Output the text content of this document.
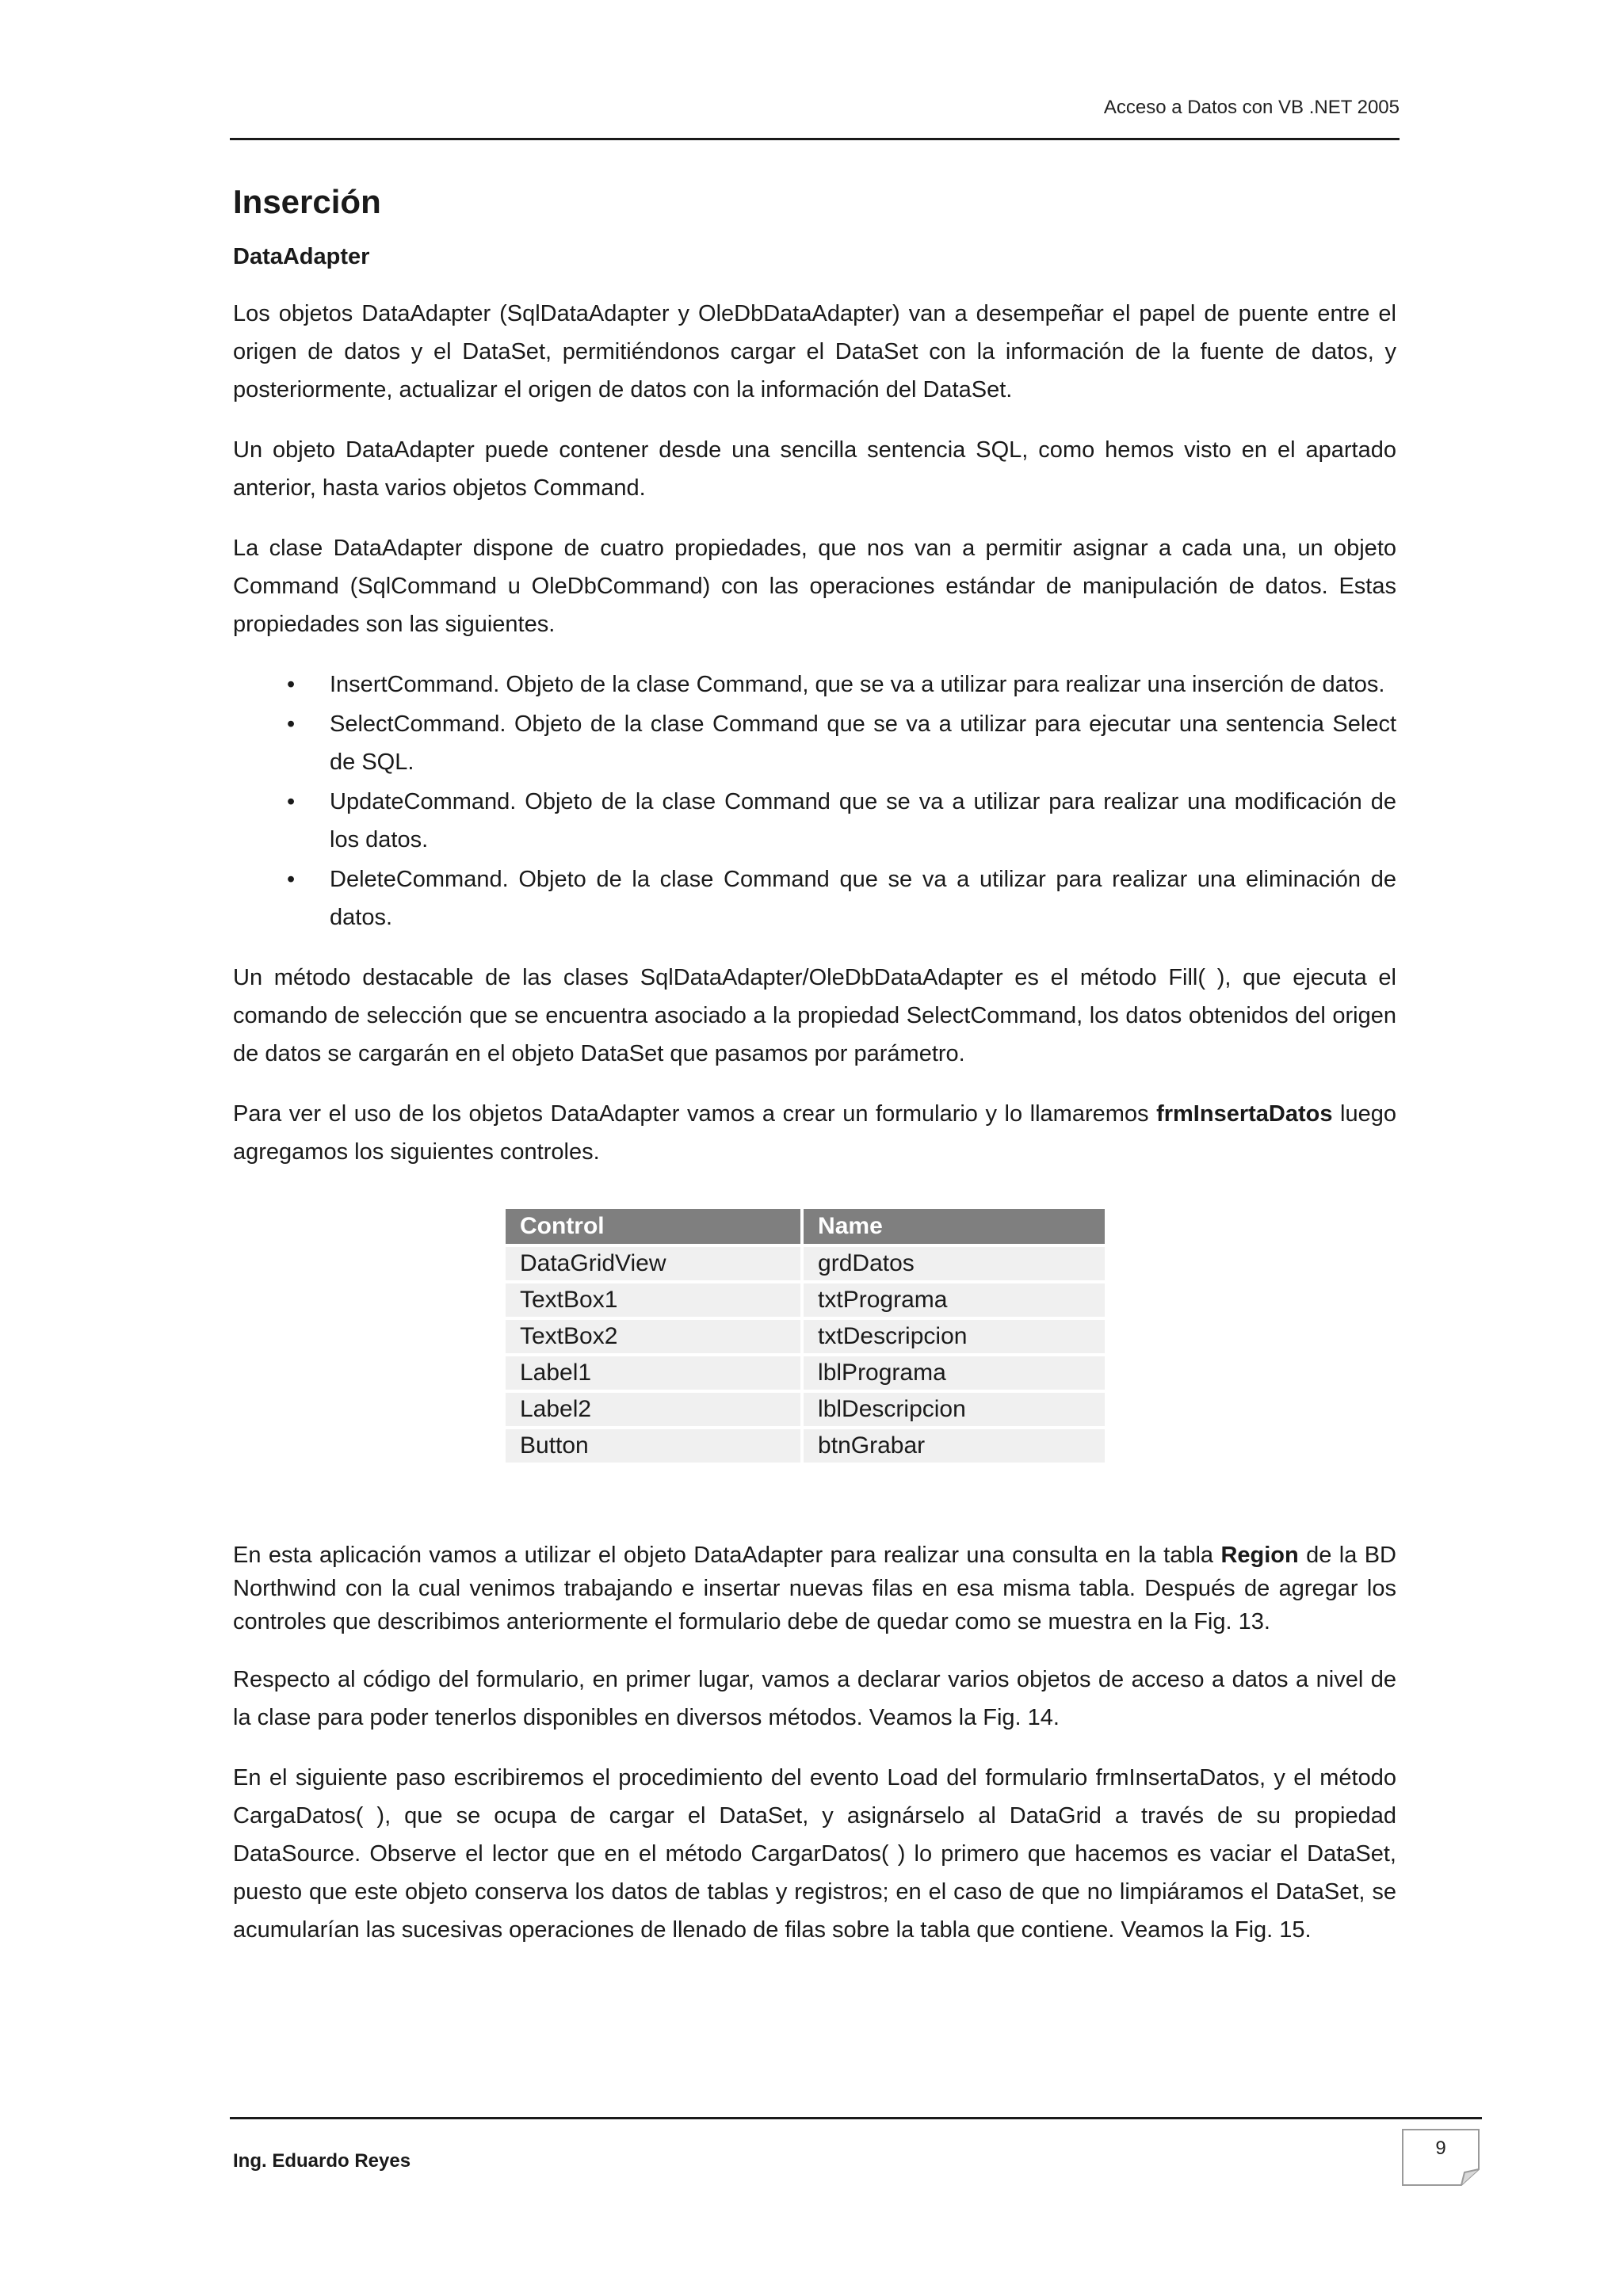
Acceso a Datos con VB .NET 2005
Inserción
DataAdapter

Los objetos DataAdapter (SqlDataAdapter y OleDbDataAdapter) van a desempeñar el papel de puente entre el origen de datos y el DataSet, permitiéndonos cargar el DataSet con la información de la fuente de datos, y posteriormente, actualizar el origen de datos con la información del DataSet.

Un objeto DataAdapter puede contener desde una sencilla sentencia SQL, como hemos visto en el apartado anterior, hasta varios objetos Command.

La clase DataAdapter dispone de cuatro propiedades, que nos van a permitir asignar a cada una, un objeto Command (SqlCommand u OleDbCommand) con las operaciones estándar de manipulación de datos. Estas propiedades son las siguientes.

• InsertCommand. Objeto de la clase Command, que se va a utilizar para realizar una inserción de datos.
• SelectCommand. Objeto de la clase Command que se va a utilizar para ejecutar una sentencia Select de SQL.
• UpdateCommand. Objeto de la clase Command que se va a utilizar para realizar una modificación de los datos.
• DeleteCommand. Objeto de la clase Command que se va a utilizar para realizar una eliminación de datos.

Un método destacable de las clases SqlDataAdapter/OleDbDataAdapter es el método Fill( ), que ejecuta el comando de selección que se encuentra asociado a la propiedad SelectCommand, los datos obtenidos del origen de datos se cargarán en el objeto DataSet que pasamos por parámetro.

Para ver el uso de los objetos DataAdapter vamos a crear un formulario y lo llamaremos frmInsertaDatos luego agregamos los siguientes controles.

Control	Name
DataGridView	grdDatos
TextBox1	txtPrograma
TextBox2	txtDescripcion
Label1	lblPrograma
Label2	lblDescripcion
Button	btnGrabar

En esta aplicación vamos a utilizar el objeto DataAdapter para realizar una consulta en la tabla Region de la BD Northwind con la cual venimos trabajando e insertar nuevas filas en esa misma tabla. Después de agregar los controles que describimos anteriormente el formulario debe de quedar como se muestra en la Fig. 13.

Respecto al código del formulario, en primer lugar, vamos a declarar varios objetos de acceso a datos a nivel de la clase para poder tenerlos disponibles en diversos métodos. Veamos la Fig. 14.

En el siguiente paso escribiremos el procedimiento del evento Load del formulario frmInsertaDatos, y el método CargaDatos( ), que se ocupa de cargar el DataSet, y asignárselo al DataGrid a través de su propiedad DataSource. Observe el lector que en el método CargarDatos( ) lo primero que hacemos es vaciar el DataSet, puesto que este objeto conserva los datos de tablas y registros; en el caso de que no limpiáramos el DataSet, se acumularían las sucesivas operaciones de llenado de filas sobre la tabla que contiene. Veamos la Fig. 15.

Ing. Eduardo Reyes
9
